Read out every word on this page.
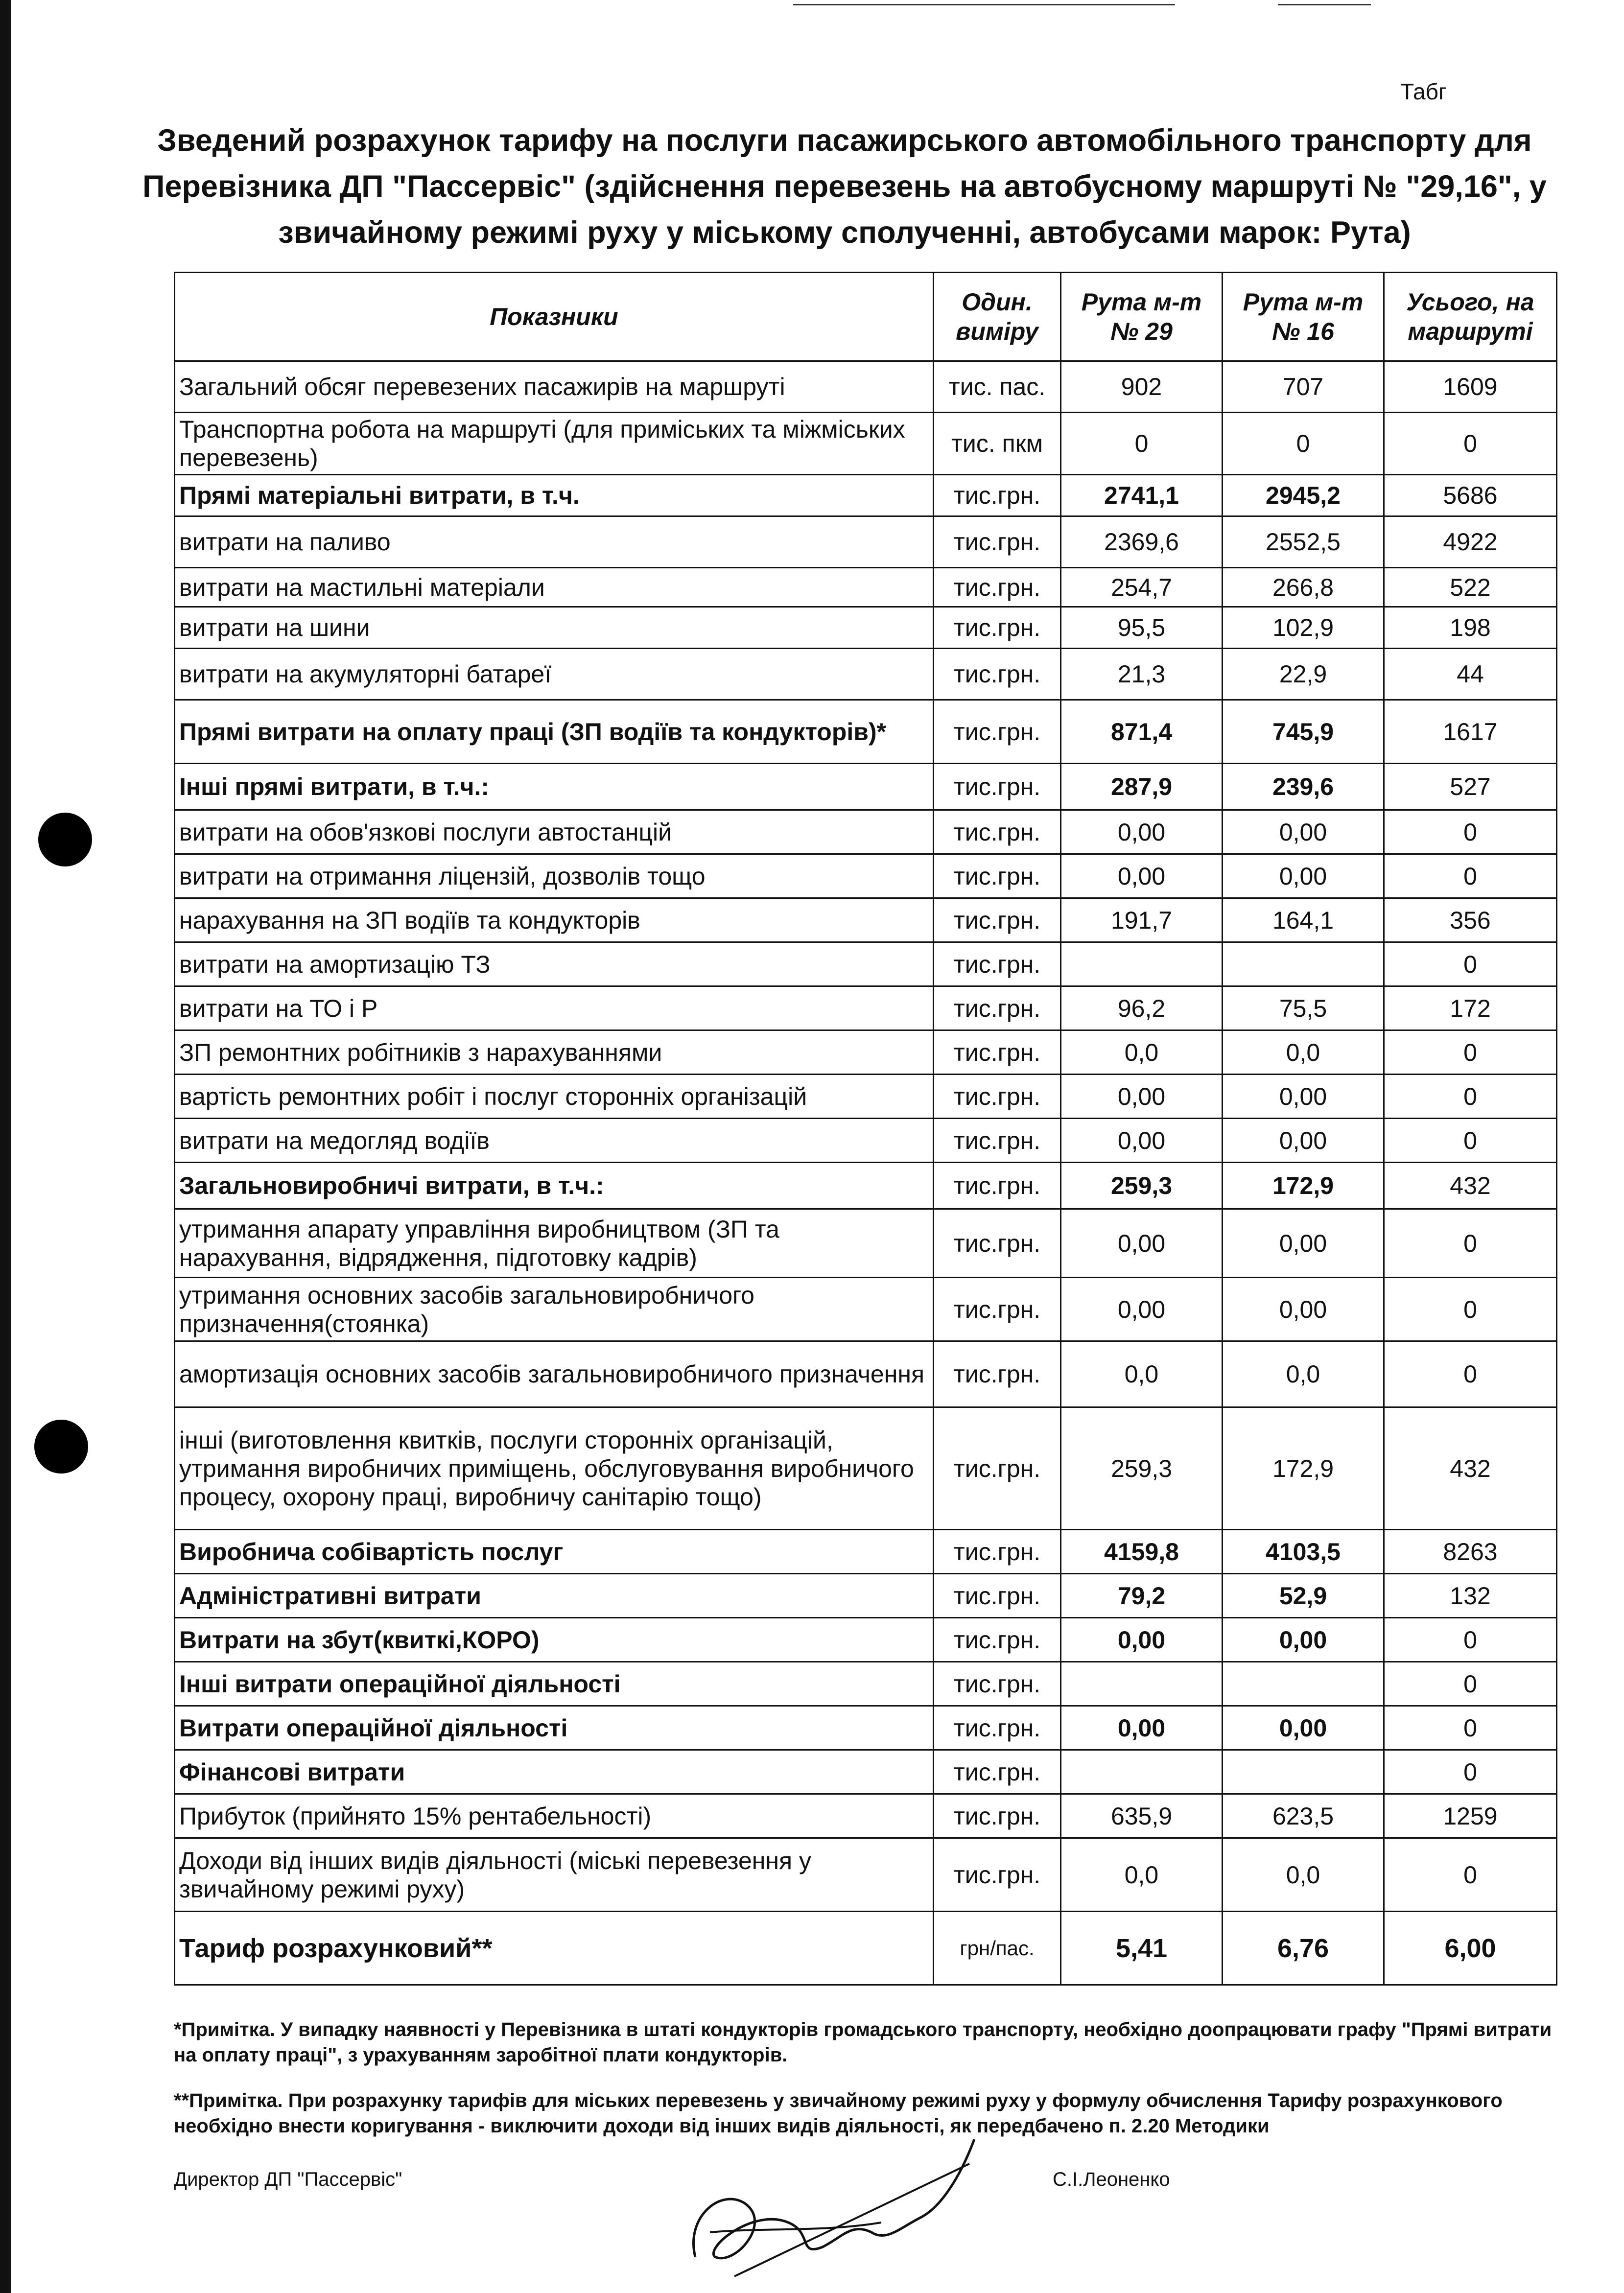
Табг
Зведений розрахунок тарифу на послуги пасажирського автомобільного транспорту для Перевізника ДП "Пассервіс" (здійснення перевезень на автобусному маршруті № "29,16", у звичайному режимі руху у міському сполученні, автобусами марок: Рута)
Показники	Один. виміру	Рута м-т № 29	Рута м-т № 16	Усього, на маршруті
Загальний обсяг перевезених пасажирів на маршруті	тис. пас.	902	707	1609
Транспортна робота на маршруті (для приміських та міжміських перевезень)	тис. пкм	0	0	0
Прямі матеріальні витрати, в т.ч.	тис.грн.	2741,1	2945,2	5686
витрати на паливо	тис.грн.	2369,6	2552,5	4922
витрати на мастильні матеріали	тис.грн.	254,7	266,8	522
витрати на шини	тис.грн.	95,5	102,9	198
витрати на акумуляторні батареї	тис.грн.	21,3	22,9	44
Прямі витрати на оплату праці (ЗП водіїв та кондукторів)*	тис.грн.	871,4	745,9	1617
Інші прямі витрати, в т.ч.:	тис.грн.	287,9	239,6	527
витрати на обов'язкові послуги автостанцій	тис.грн.	0,00	0,00	0
витрати на отримання ліцензій, дозволів тощо	тис.грн.	0,00	0,00	0
нарахування на ЗП водіїв та кондукторів	тис.грн.	191,7	164,1	356
витрати на амортизацію ТЗ	тис.грн.			0
витрати на ТО і Р	тис.грн.	96,2	75,5	172
ЗП ремонтних робітників з нарахуваннями	тис.грн.	0,0	0,0	0
вартість ремонтних робіт і послуг сторонніх організацій	тис.грн.	0,00	0,00	0
витрати на медогляд водіїв	тис.грн.	0,00	0,00	0
Загальновиробничі витрати, в т.ч.:	тис.грн.	259,3	172,9	432
утримання апарату управління виробництвом (ЗП та нарахування, відрядження, підготовку кадрів)	тис.грн.	0,00	0,00	0
утримання основних засобів загальновиробничого призначення(стоянка)	тис.грн.	0,00	0,00	0
амортизація основних засобів загальновиробничого призначення	тис.грн.	0,0	0,0	0
інші (виготовлення квитків, послуги сторонніх організацій, утримання виробничих приміщень, обслуговування виробничого процесу, охорону праці, виробничу санітарію тощо)	тис.грн.	259,3	172,9	432
Виробнича собівартість послуг	тис.грн.	4159,8	4103,5	8263
Адміністративні витрати	тис.грн.	79,2	52,9	132
Витрати на збут(квиткі,КОРО)	тис.грн.	0,00	0,00	0
Інші витрати операційної діяльності	тис.грн.			0
Витрати операційної діяльності	тис.грн.	0,00	0,00	0
Фінансові витрати	тис.грн.			0
Прибуток (прийнято 15% рентабельності)	тис.грн.	635,9	623,5	1259
Доходи від інших видів діяльності (міські перевезення у звичайному режимі руху)	тис.грн.	0,0	0,0	0
Тариф розрахунковий**	грн/пас.	5,41	6,76	6,00
*Примітка. У випадку наявності у Перевізника в штаті кондукторів громадського транспорту, необхідно доопрацювати графу "Прямі витрати на оплату праці", з урахуванням заробітної плати кондукторів.
**Примітка. При розрахунку тарифів для міських перевезень у звичайному режимі руху у формулу обчислення Тарифу розрахункового необхідно внести коригування - виключити доходи від інших видів діяльності, як передбачено п. 2.20 Методики
Директор ДП "Пассервіс"	С.І.Леоненко
